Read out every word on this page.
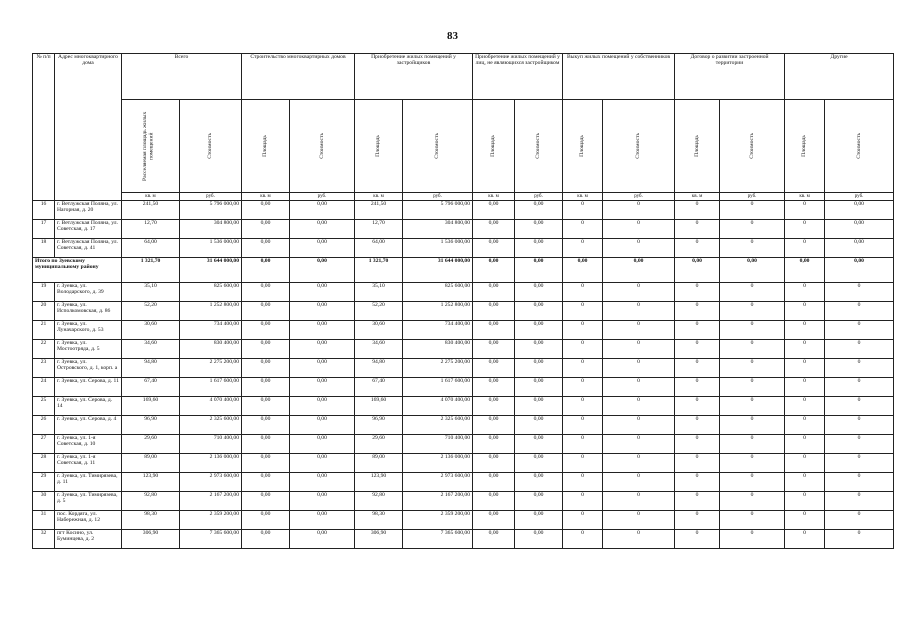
83
№ п/п	Адрес многоквартирного дома	Всего		Строительство многоквартирных домов		Приобретение жилых помещений у застройщиков		Приобретение жилых помещений у лиц, не являющихся застройщиком		Выкуп жилых помещений у собственников		Договор о развитии застроенной территории		Другие	

		Расселяемая площадь жилых помещений	Стоимость	Площадь	Стоимость	Площадь	Стоимость	Площадь	Стоимость	Площадь	Стоимость	Площадь	Стоимость	Площадь	Стоимость

		кв. м	руб.	кв. м	руб.	кв. м	руб.	кв. м	руб.	кв. м	руб.	кв. м	руб.	кв. м	руб.
16	г. Ветлужская Поляна, ул. Нагорная, д. 20	241,50	5 796 000,00	0,00	0,00	241,50	5 796 000,00	0,00	0,00	0	0	0	0	0	0,00
17	г. Ветлужская Поляна, ул. Советская, д. 17	12,70	304 800,00	0,00	0,00	12,70	304 800,00	0,00	0,00	0	0	0	0	0	0,00
18	г. Ветлужская Поляна, ул. Советская, д. 41	64,00	1 536 000,00	0,00	0,00	64,00	1 536 000,00	0,00	0,00	0	0	0	0	0	0,00
Итого по Зуевскому муниципальному району		1 321,70	31 644 000,00	0,00	0,00	1 321,70	31 644 000,00	0,00	0,00	0,00	0,00	0,00	0,00	0,00	0,00
19	г. Зуевка, ул. Володарского, д. 39	35,10	825 600,00	0,00	0,00	35,10	825 600,00	0,00	0,00	0	0	0	0	0	0
20	г. Зуевка, ул. Исполкомовская, д. 86	52,20	1 252 800,00	0,00	0,00	52,20	1 252 800,00	0,00	0,00	0	0	0	0	0	0
21	г. Зуевка, ул. Луначарского, д. 53	30,60	734 400,00	0,00	0,00	30,60	734 400,00	0,00	0,00	0	0	0	0	0	0
22	г. Зуевка, ул. Мостоотряда, д. 5	34,60	830 400,00	0,00	0,00	34,60	830 400,00	0,00	0,00	0	0	0	0	0	0
23	г. Зуевка, ул. Островского, д. 1, корп. а	94,80	2 275 200,00	0,00	0,00	94,80	2 275 200,00	0,00	0,00	0	0	0	0	0	0
24	г. Зуевка, ул. Серова, д. 11	67,40	1 617 600,00	0,00	0,00	67,40	1 617 600,00	0,00	0,00	0	0	0	0	0	0
25	г. Зуевка, ул. Серова, д. 14	169,60	4 070 400,00	0,00	0,00	169,60	4 070 400,00	0,00	0,00	0	0	0	0	0	0
26	г. Зуевка, ул. Серова, д. 4	96,90	2 325 600,00	0,00	0,00	96,90	2 325 600,00	0,00	0,00	0	0	0	0	0	0
27	г. Зуевка, ул. 1-я Советская, д. 10	29,60	710 400,00	0,00	0,00	29,60	710 400,00	0,00	0,00	0	0	0	0	0	0
28	г. Зуевка, ул. 1-я Советская, д. 11	89,00	2 136 000,00	0,00	0,00	89,00	2 136 000,00	0,00	0,00	0	0	0	0	0	0
29	г. Зуевка, ул. Тимирязева, д. 11	123,90	2 973 600,00	0,00	0,00	123,90	2 973 600,00	0,00	0,00	0	0	0	0	0	0
30	г. Зуевка, ул. Тимирязева, д. 5	92,80	2 167 200,00	0,00	0,00	92,80	2 167 200,00	0,00	0,00	0	0	0	0	0	0
31	пос. Кордяга, ул. Набережная, д. 12	98,30	2 359 200,00	0,00	0,00	98,30	2 359 200,00	0,00	0,00	0	0	0	0	0	0
32	пгт Косино, ул. Буминцева, д. 2	306,90	7 365 600,00	0,00	0,00	306,90	7 365 600,00	0,00	0,00	0	0	0	0	0	0
